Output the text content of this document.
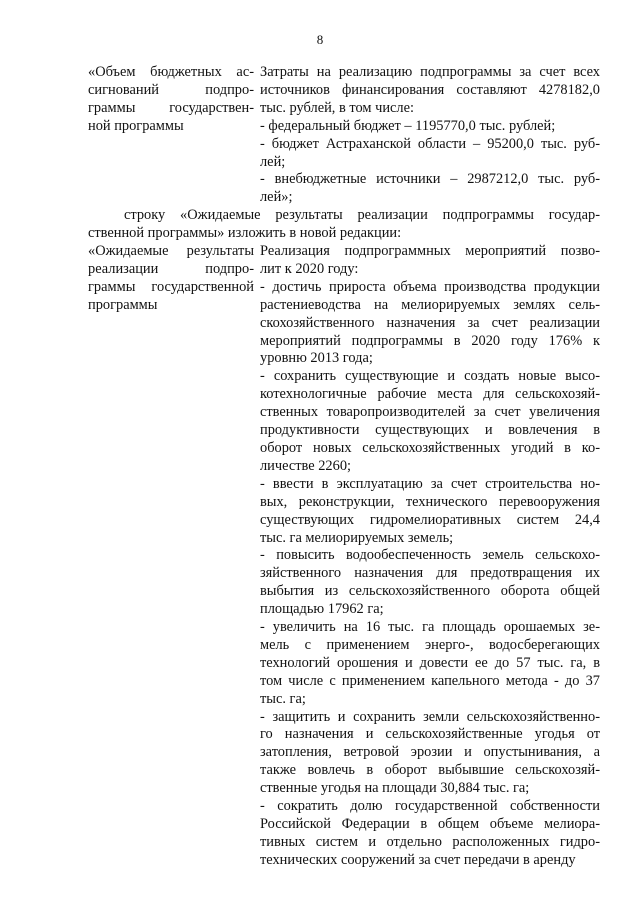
8
«Объем бюджетных ас-
сигнований подпро-
граммы государствен-
ной программы
Затраты на реализацию подпрограммы за счет всех
источников финансирования составляют 4278182,0
тыс. рублей, в том числе:
- федеральный бюджет – 1195770,0 тыс. рублей;
- бюджет Астраханской области – 95200,0 тыс. руб-
лей;
- внебюджетные источники – 2987212,0 тыс. руб-
лей»;
строку «Ожидаемые результаты реализации подпрограммы государ-
ственной программы» изложить в новой редакции:
«Ожидаемые результаты
реализации подпро-
граммы государственной
программы
Реализация подпрограммных мероприятий позво-
лит к 2020 году:
- достичь прироста объема производства продукции
растениеводства на мелиорируемых землях сель-
скохозяйственного назначения за счет реализации
мероприятий подпрограммы в 2020 году 176% к
уровню 2013 года;
- сохранить существующие и создать новые высо-
котехнологичные рабочие места для сельскохозяй-
ственных товаропроизводителей за счет увеличения
продуктивности существующих и вовлечения в
оборот новых сельскохозяйственных угодий в ко-
личестве 2260;
- ввести в эксплуатацию за счет строительства но-
вых, реконструкции, технического перевооружения
существующих гидромелиоративных систем 24,4
тыс. га мелиорируемых земель;
- повысить водообеспеченность земель сельскохо-
зяйственного назначения для предотвращения их
выбытия из сельскохозяйственного оборота общей
площадью 17962 га;
- увеличить на 16 тыс. га площадь орошаемых зе-
мель с применением энерго-, водосберегающих
технологий орошения и довести ее до 57 тыс. га, в
том числе с применением капельного метода - до 37
тыс. га;
- защитить и сохранить земли сельскохозяйственно-
го назначения и сельскохозяйственные угодья от
затопления, ветровой эрозии и опустынивания, а
также вовлечь в оборот выбывшие сельскохозяй-
ственные угодья на площади 30,884 тыс. га;
- сократить долю государственной собственности
Российской Федерации в общем объеме мелиора-
тивных систем и отдельно расположенных гидро-
технических сооружений за счет передачи в аренду
